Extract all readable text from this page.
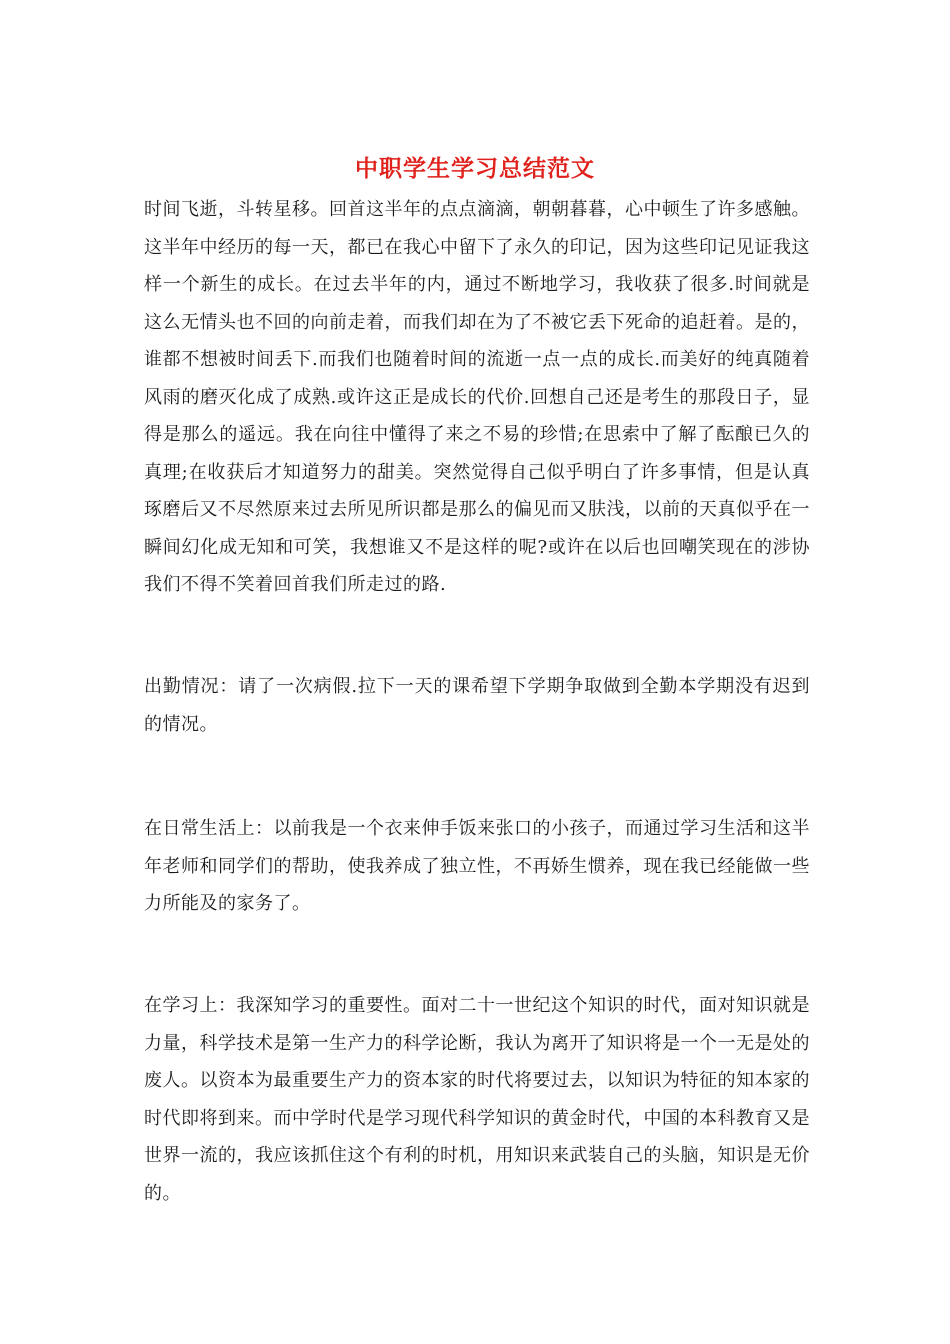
中职学生学习总结范文

时间飞逝，斗转星移。回首这半年的点点滴滴，朝朝暮暮，心中顿生了许多感触。这半年中经历的每一天，都已在我心中留下了永久的印记，因为这些印记见证我这样一个新生的成长。在过去半年的内，通过不断地学习，我收获了很多.时间就是这么无情头也不回的向前走着，而我们却在为了不被它丢下死命的追赶着。是的，谁都不想被时间丢下.而我们也随着时间的流逝一点一点的成长.而美好的纯真随着风雨的磨灭化成了成熟.或许这正是成长的代价.回想自己还是考生的那段日子，显得是那么的遥远。我在向往中懂得了来之不易的珍惜;在思索中了解了酝酿已久的真理;在收获后才知道努力的甜美。突然觉得自己似乎明白了许多事情，但是认真琢磨后又不尽然原来过去所见所识都是那么的偏见而又肤浅，以前的天真似乎在一瞬间幻化成无知和可笑，我想谁又不是这样的呢?或许在以后也回嘲笑现在的涉协我们不得不笑着回首我们所走过的路.

出勤情况：请了一次病假.拉下一天的课希望下学期争取做到全勤本学期没有迟到的情况。

在日常生活上：以前我是一个衣来伸手饭来张口的小孩子，而通过学习生活和这半年老师和同学们的帮助，使我养成了独立性，不再娇生惯养，现在我已经能做一些力所能及的家务了。

在学习上：我深知学习的重要性。面对二十一世纪这个知识的时代，面对知识就是力量，科学技术是第一生产力的科学论断，我认为离开了知识将是一个一无是处的废人。以资本为最重要生产力的资本家的时代将要过去，以知识为特征的知本家的时代即将到来。而中学时代是学习现代科学知识的黄金时代，中国的本科教育又是世界一流的，我应该抓住这个有利的时机，用知识来武装自己的头脑，知识是无价的。
